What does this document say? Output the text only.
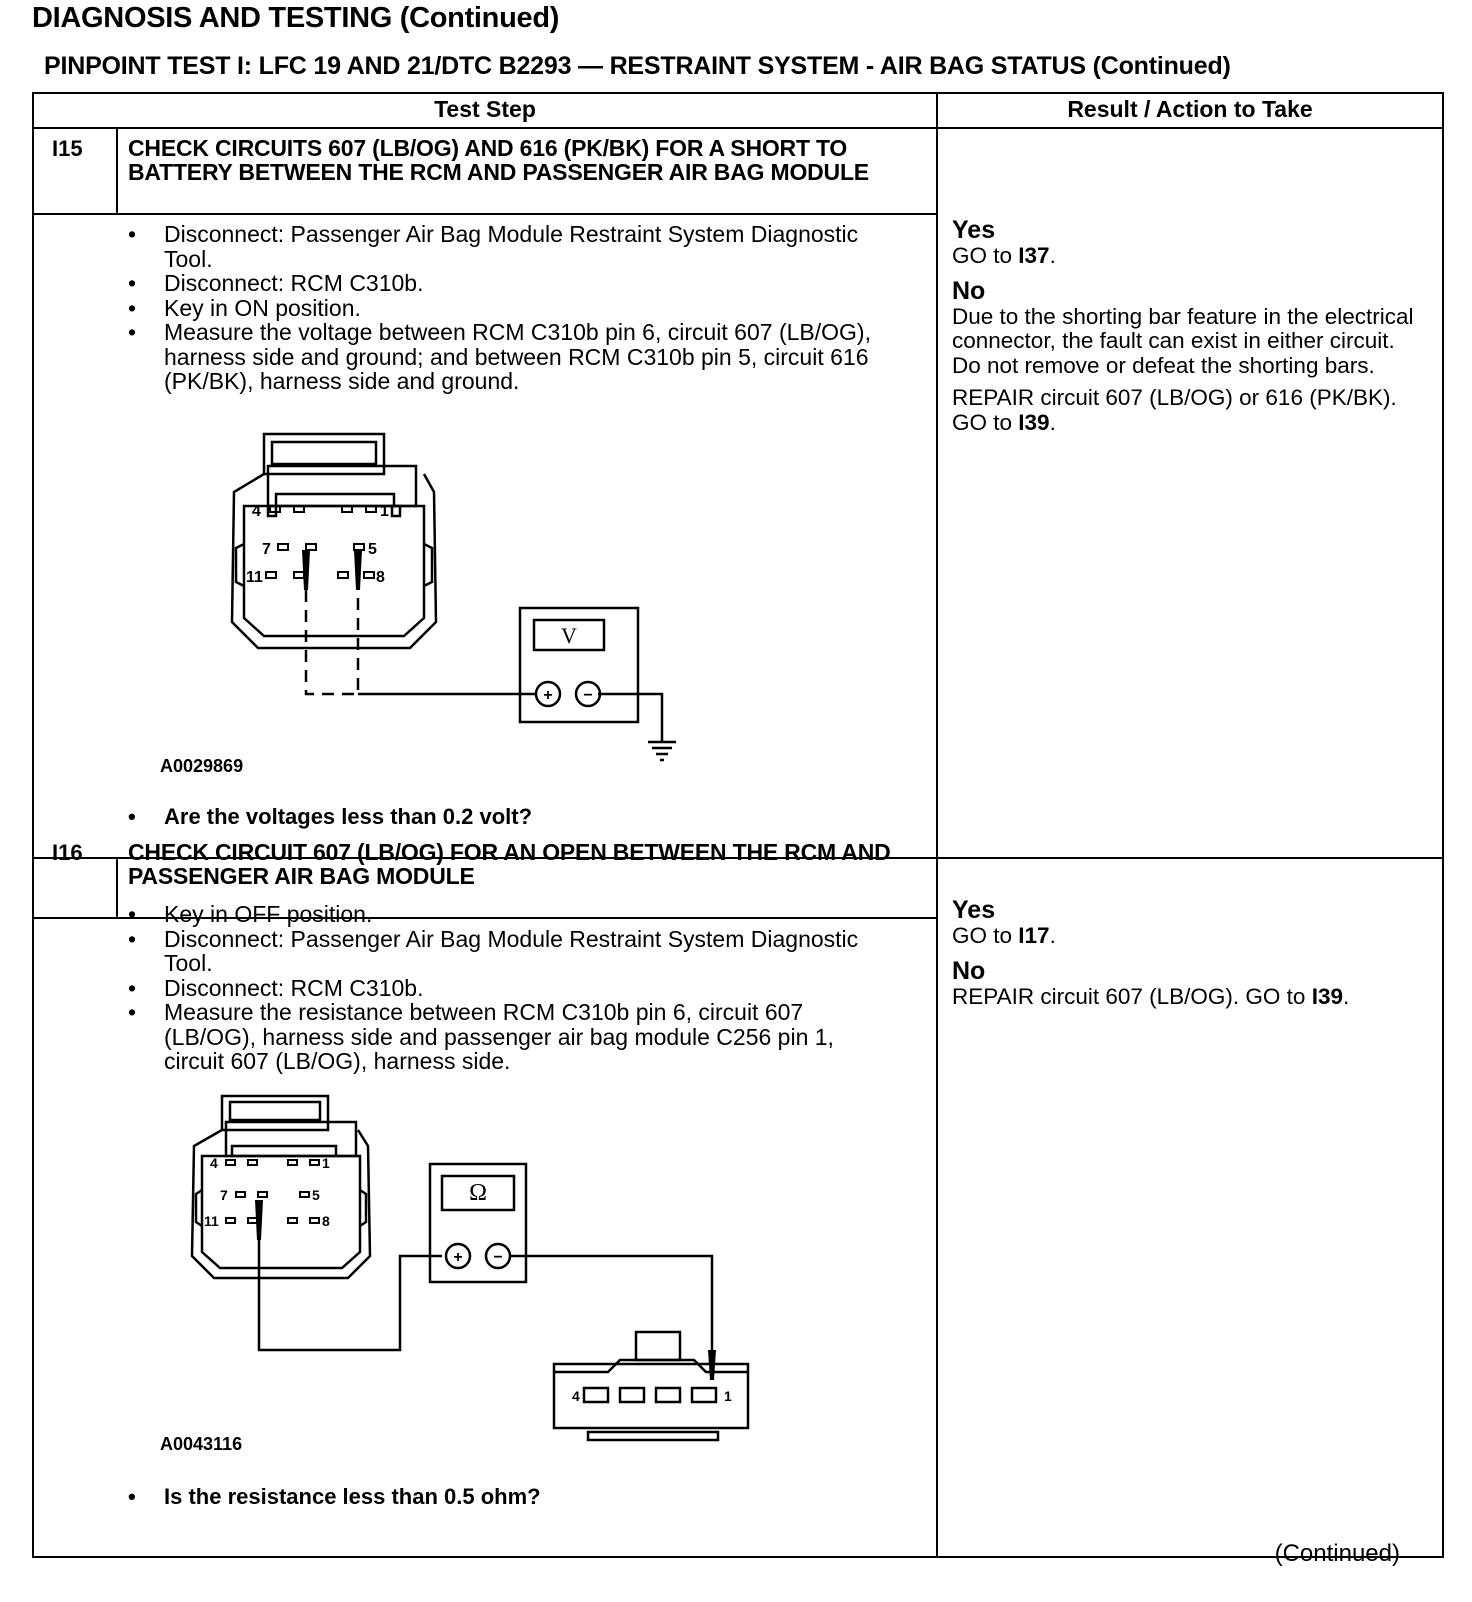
DIAGNOSIS AND TESTING (Continued)
PINPOINT TEST I: LFC 19 AND 21/DTC B2293 — RESTRAINT SYSTEM - AIR BAG STATUS (Continued)
Test Step	Result / Action to Take
I15 CHECK CIRCUITS 607 (LB/OG) AND 616 (PK/BK) FOR A SHORT TO BATTERY BETWEEN THE RCM AND PASSENGER AIR BAG MODULE
• Disconnect: Passenger Air Bag Module Restraint System Diagnostic Tool.
• Disconnect: RCM C310b.
• Key in ON position.
• Measure the voltage between RCM C310b pin 6, circuit 607 (LB/OG), harness side and ground; and between RCM C310b pin 5, circuit 616 (PK/BK), harness side and ground.
4	1
7	5
11	8
V
+ −
A0029869
• Are the voltages less than 0.2 volt?
Yes

GO to I37.

No

Due to the shorting bar feature in the electrical connector, the fault can exist in either circuit. Do not remove or defeat the shorting bars.

REPAIR circuit 607 (LB/OG) or 616 (PK/BK). GO to I39.

I16 CHECK CIRCUIT 607 (LB/OG) FOR AN OPEN BETWEEN THE RCM AND PASSENGER AIR BAG MODULE
• Key in OFF position.
• Disconnect: Passenger Air Bag Module Restraint System Diagnostic Tool.
• Disconnect: RCM C310b.
• Measure the resistance between RCM C310b pin 6, circuit 607 (LB/OG), harness side and passenger air bag module C256 pin 1, circuit 607 (LB/OG), harness side.
4	1
7	5
11	8
Ω
+ −
4	1
A0043116
• Is the resistance less than 0.5 ohm?
Yes

GO to I17.

No

REPAIR circuit 607 (LB/OG). GO to I39.

(Continued)
